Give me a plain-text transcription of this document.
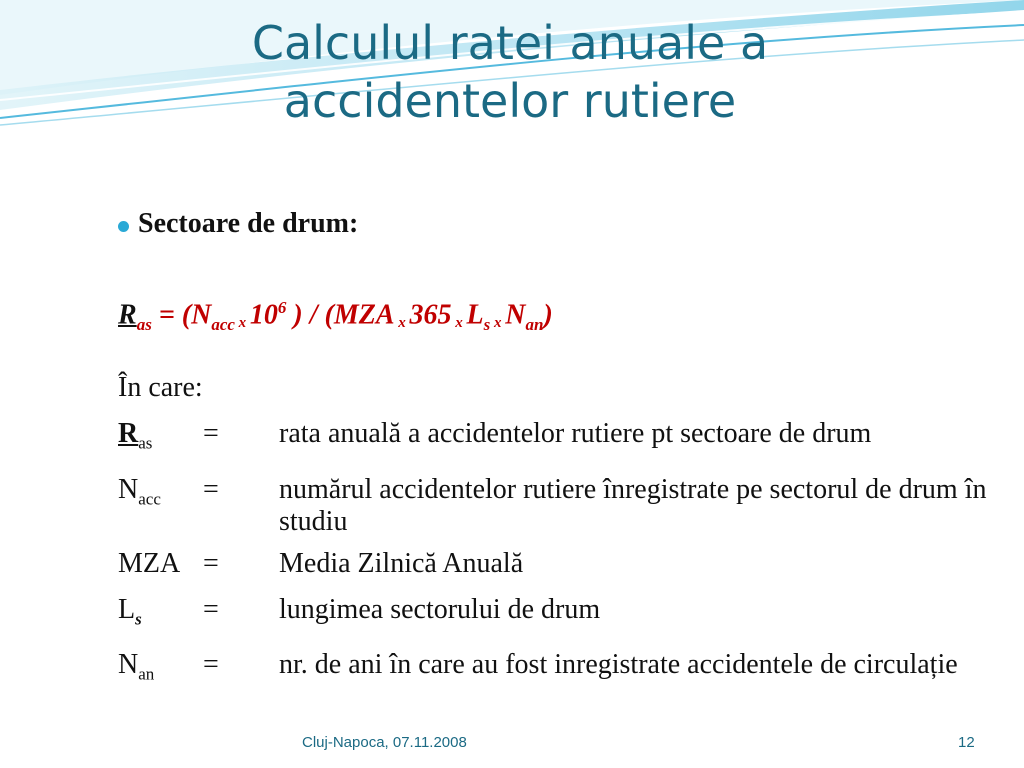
Calculul ratei anuale a accidentelor rutiere
Sectoare de drum:
$R_{as} = (N_{acc}$ x $10^6$ ) / (MZA x 365 x $L_s$ x $N_{an}$)
În care:
$R_{as}$	=	rata anuală a accidentelor rutiere pt sectoare de drum
$N_{acc}$	=	numărul accidentelor rutiere înregistrate pe sectorul de drum în studiu
MZA =	Media Zilnică Anuală
$L_s$	=	lungimea sectorului de drum
$N_{an}$	=	nr. de ani în care au fost inregistrate accidentele de circulație
Cluj-Napoca, 07.11.2008	12
